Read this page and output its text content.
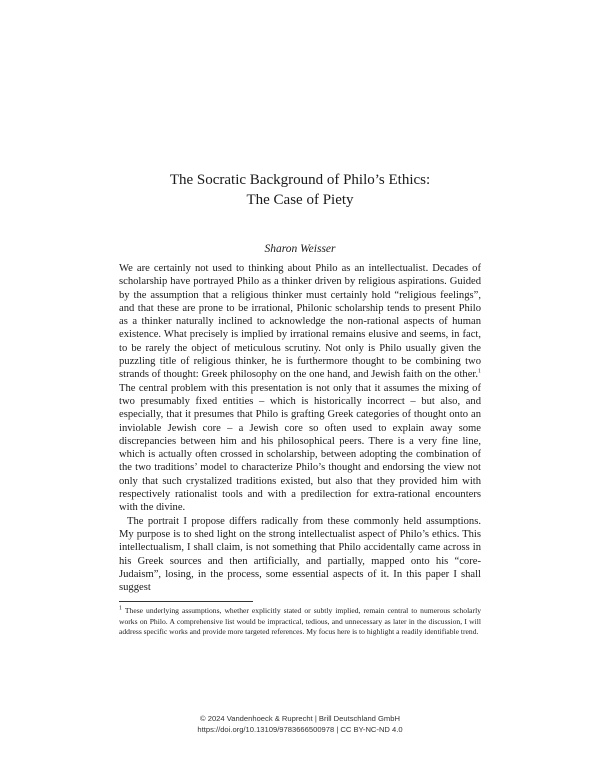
The Socratic Background of Philo’s Ethics:
The Case of Piety
Sharon Weisser

We are certainly not used to thinking about Philo as an intellectualist. Decades of scholarship have portrayed Philo as a thinker driven by religious aspirations. Guided by the assumption that a religious thinker must certainly hold “religious feelings”, and that these are prone to be irrational, Philonic scholarship tends to present Philo as a thinker naturally inclined to acknowledge the non-rational aspects of human existence. What precisely is implied by irrational remains elusive and seems, in fact, to be rarely the object of meticulous scrutiny. Not only is Philo usually given the puzzling title of religious thinker, he is furthermore thought to be combining two strands of thought: Greek philosophy on the one hand, and Jewish faith on the other.$^1$ The central problem with this presentation is not only that it assumes the mixing of two presumably fixed entities – which is historically incorrect – but also, and especially, that it presumes that Philo is grafting Greek categories of thought onto an inviolable Jewish core – a Jewish core so often used to explain away some discrepancies between him and his philosophical peers. There is a very fine line, which is actually often crossed in scholarship, between adopting the combination of the two traditions’ model to characterize Philo’s thought and endorsing the view not only that such crystalized traditions existed, but also that they provided him with respectively rationalist tools and with a predilection for extra-rational encounters with the divine.

The portrait I propose differs radically from these commonly held assumptions. My purpose is to shed light on the strong intellectualist aspect of Philo’s ethics. This intellectualism, I shall claim, is not something that Philo accidentally came across in his Greek sources and then artificially, and partially, mapped onto his “core-Judaism”, losing, in the process, some essential aspects of it. In this paper I shall suggest

$^1$ These underlying assumptions, whether explicitly stated or subtly implied, remain central to numerous scholarly works on Philo. A comprehensive list would be impractical, tedious, and unnecessary as later in the discussion, I will address specific works and provide more targeted references. My focus here is to highlight a readily identifiable trend.
© 2024 Vandenhoeck & Ruprecht | Brill Deutschland GmbH
https://doi.org/10.13109/9783666500978 | CC BY-NC-ND 4.0
